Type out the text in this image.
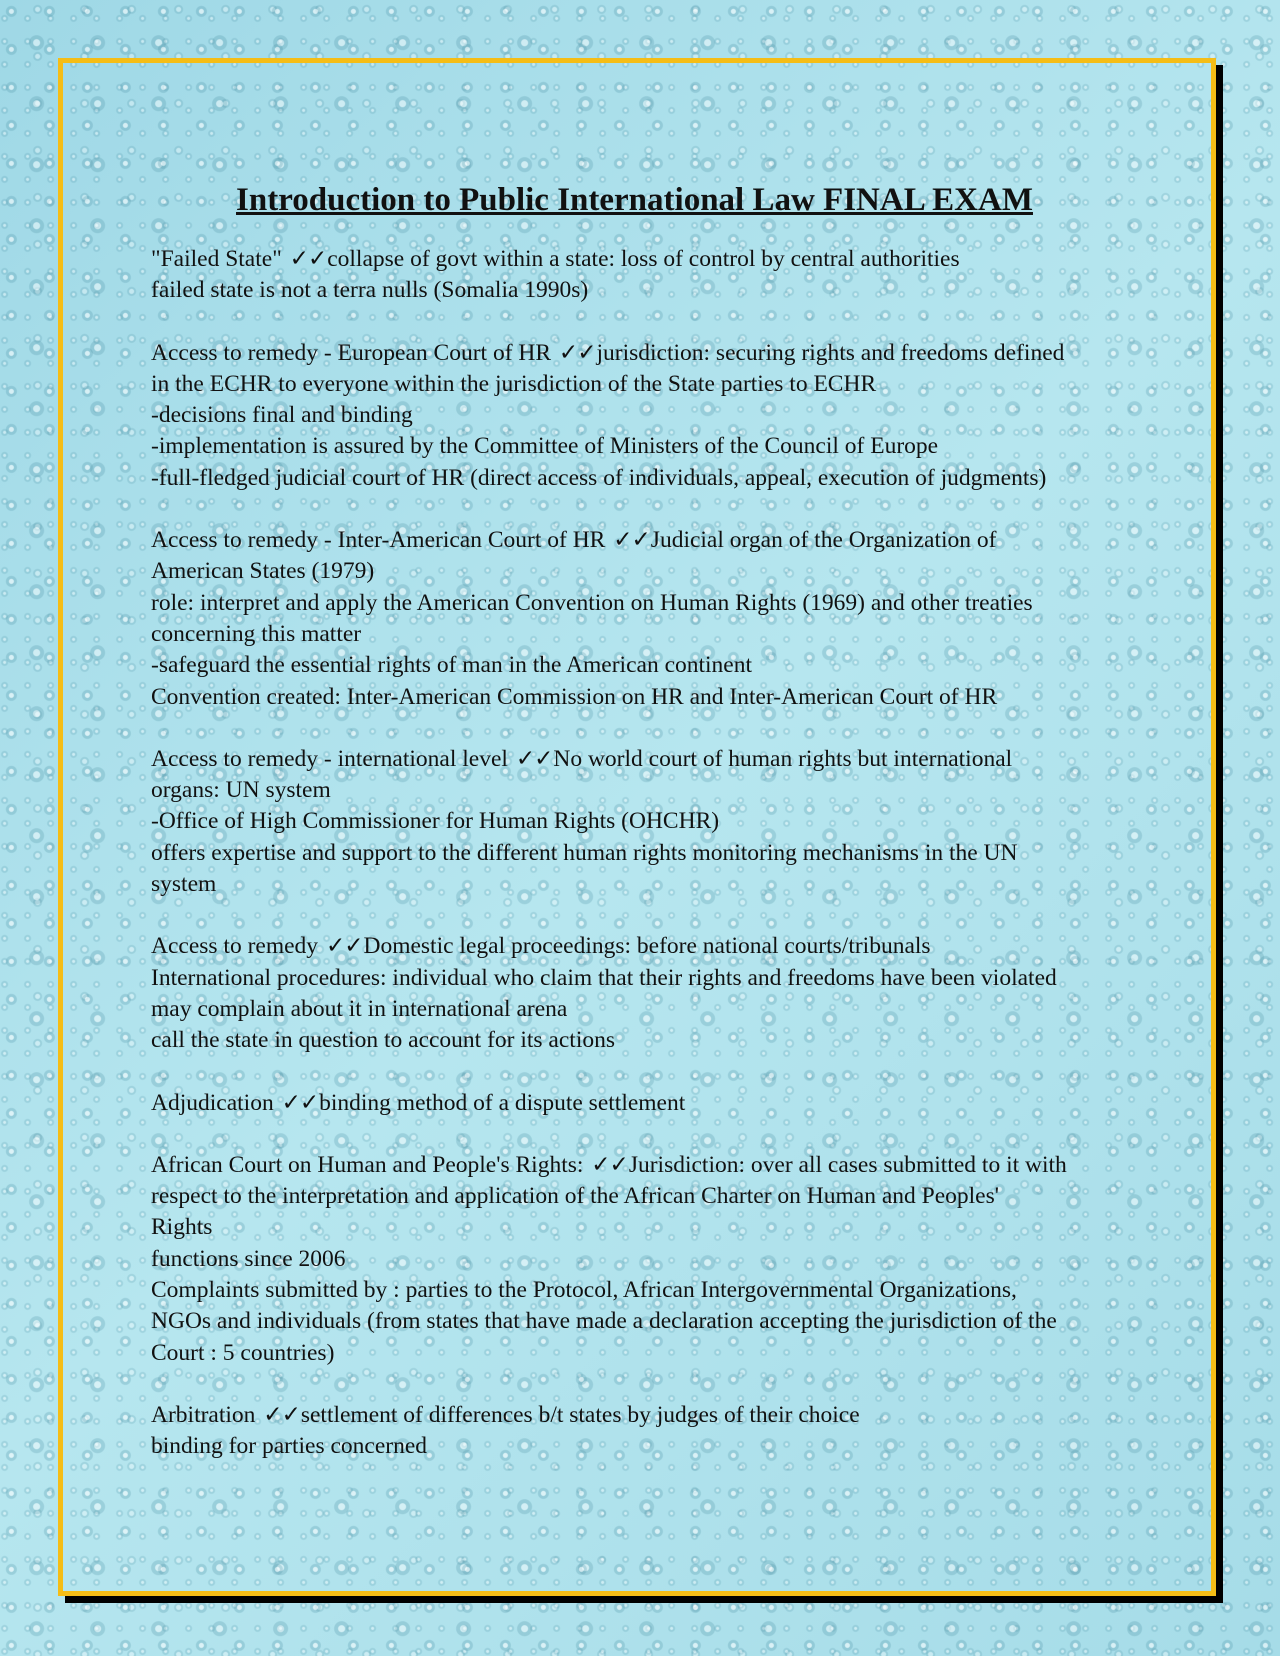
Introduction to Public International Law FINAL EXAM
"Failed State" ✓✓collapse of govt within a state: loss of control by central authorities
failed state is not a terra nulls (Somalia 1990s)
Access to remedy - European Court of HR ✓✓jurisdiction: securing rights and freedoms defined
in the ECHR to everyone within the jurisdiction of the State parties to ECHR
-decisions final and binding
-implementation is assured by the Committee of Ministers of the Council of Europe
-full-fledged judicial court of HR (direct access of individuals, appeal, execution of judgments)
Access to remedy - Inter-American Court of HR ✓✓Judicial organ of the Organization of
American States (1979)
role: interpret and apply the American Convention on Human Rights (1969) and other treaties
concerning this matter
-safeguard the essential rights of man in the American continent
Convention created: Inter-American Commission on HR and Inter-American Court of HR
Access to remedy - international level ✓✓No world court of human rights but international
organs: UN system
-Office of High Commissioner for Human Rights (OHCHR)
offers expertise and support to the different human rights monitoring mechanisms in the UN
system
Access to remedy ✓✓Domestic legal proceedings: before national courts/tribunals
International procedures: individual who claim that their rights and freedoms have been violated
may complain about it in international arena
call the state in question to account for its actions
Adjudication ✓✓binding method of a dispute settlement
African Court on Human and People's Rights: ✓✓Jurisdiction: over all cases submitted to it with
respect to the interpretation and application of the African Charter on Human and Peoples'
Rights
functions since 2006
Complaints submitted by : parties to the Protocol, African Intergovernmental Organizations,
NGOs and individuals (from states that have made a declaration accepting the jurisdiction of the
Court : 5 countries)
Arbitration ✓✓settlement of differences b/t states by judges of their choice
binding for parties concerned
